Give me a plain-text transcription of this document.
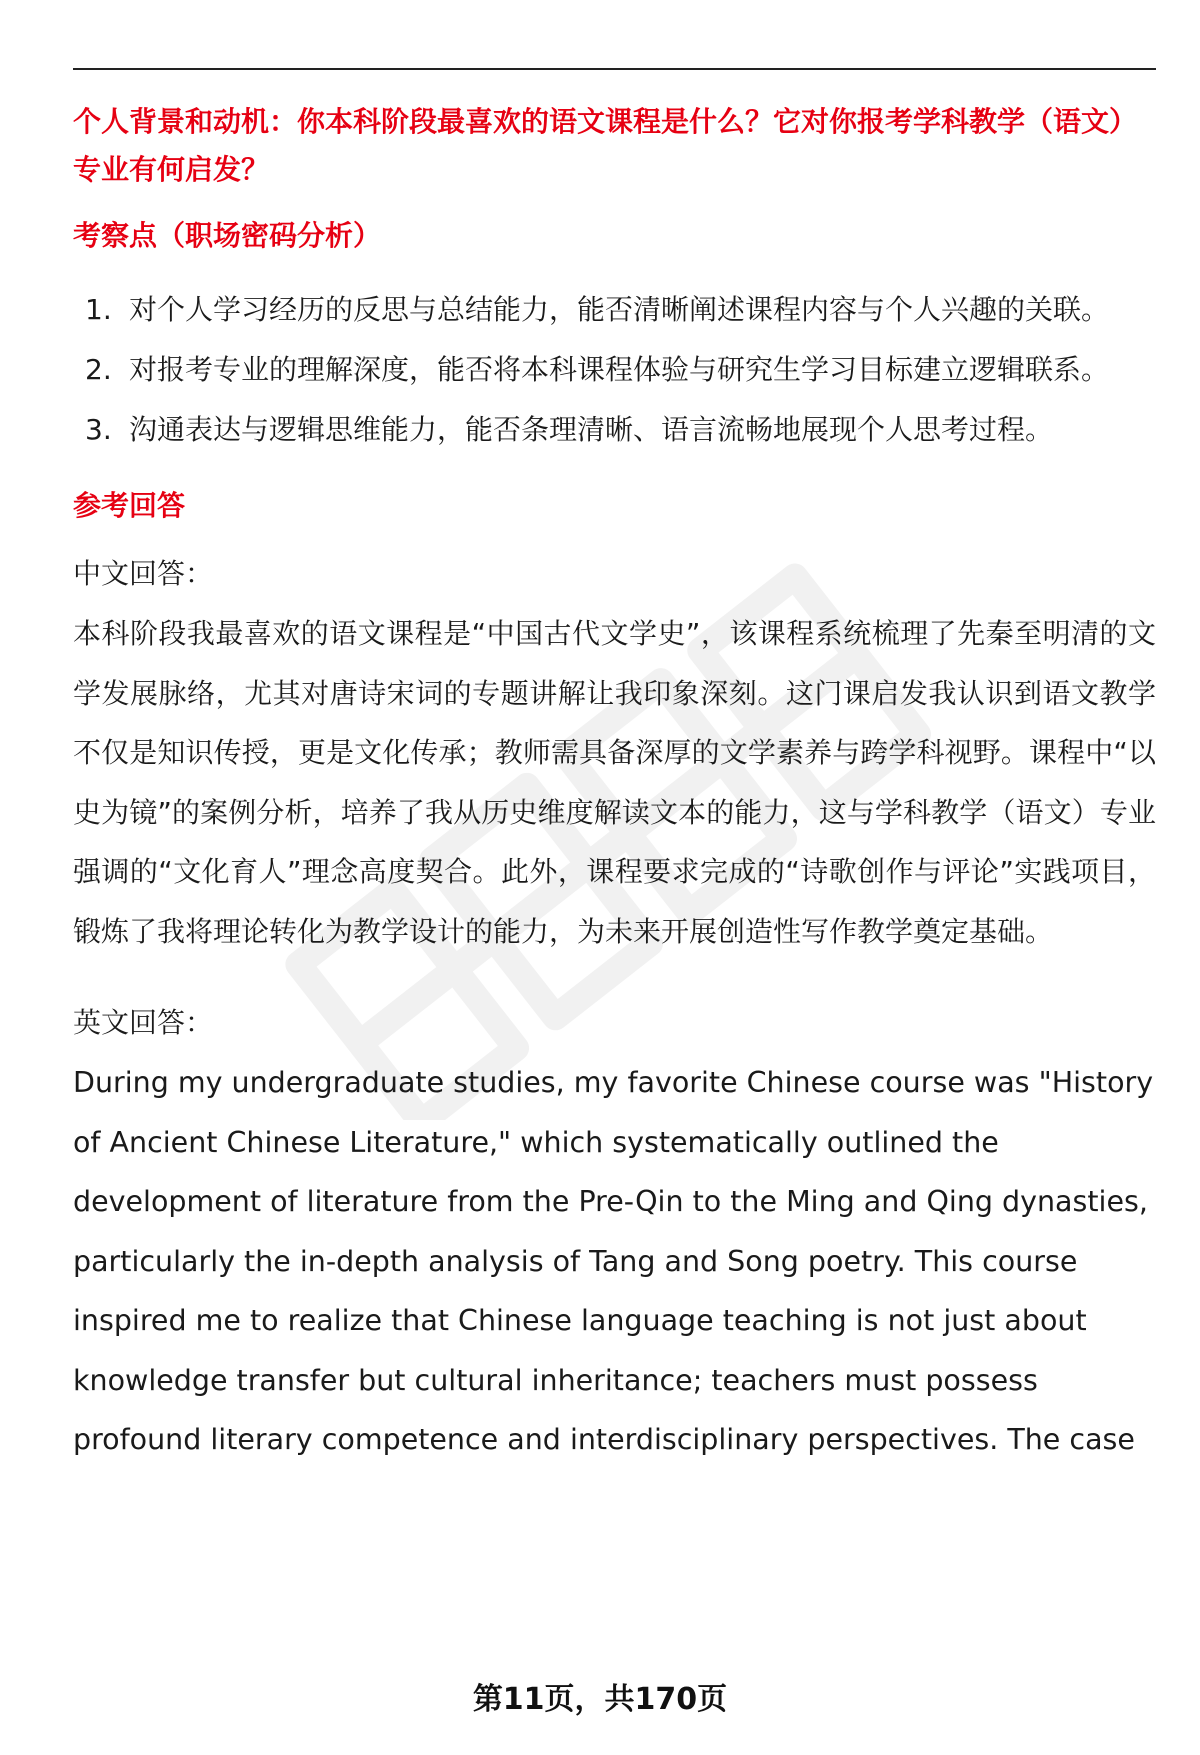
个人背景和动机：你本科阶段最喜欢的语文课程是什么？它对你报考学科教学（语文）专业有何启发？

考察点（职场密码分析）

1. 对个人学习经历的反思与总结能力，能否清晰阐述课程内容与个人兴趣的关联。
2. 对报考专业的理解深度，能否将本科课程体验与研究生学习目标建立逻辑联系。
3. 沟通表达与逻辑思维能力，能否条理清晰、语言流畅地展现个人思考过程。

参考回答

中文回答：

本科阶段我最喜欢的语文课程是“中国古代文学史”，该课程系统梳理了先秦至明清的文学发展脉络，尤其对唐诗宋词的专题讲解让我印象深刻。这门课启发我认识到语文教学不仅是知识传授，更是文化传承；教师需具备深厚的文学素养与跨学科视野。课程中“以史为镜”的案例分析，培养了我从历史维度解读文本的能力，这与学科教学（语文）专业强调的“文化育人”理念高度契合。此外，课程要求完成的“诗歌创作与评论”实践项目，锻炼了我将理论转化为教学设计的能力，为未来开展创造性写作教学奠定基础。

英文回答：

During my undergraduate studies, my favorite Chinese course was "History of Ancient Chinese Literature," which systematically outlined the development of literature from the Pre-Qin to the Ming and Qing dynasties, particularly the in-depth analysis of Tang and Song poetry. This course inspired me to realize that Chinese language teaching is not just about knowledge transfer but cultural inheritance; teachers must possess profound literary competence and interdisciplinary perspectives. The case

第11页，共170页
